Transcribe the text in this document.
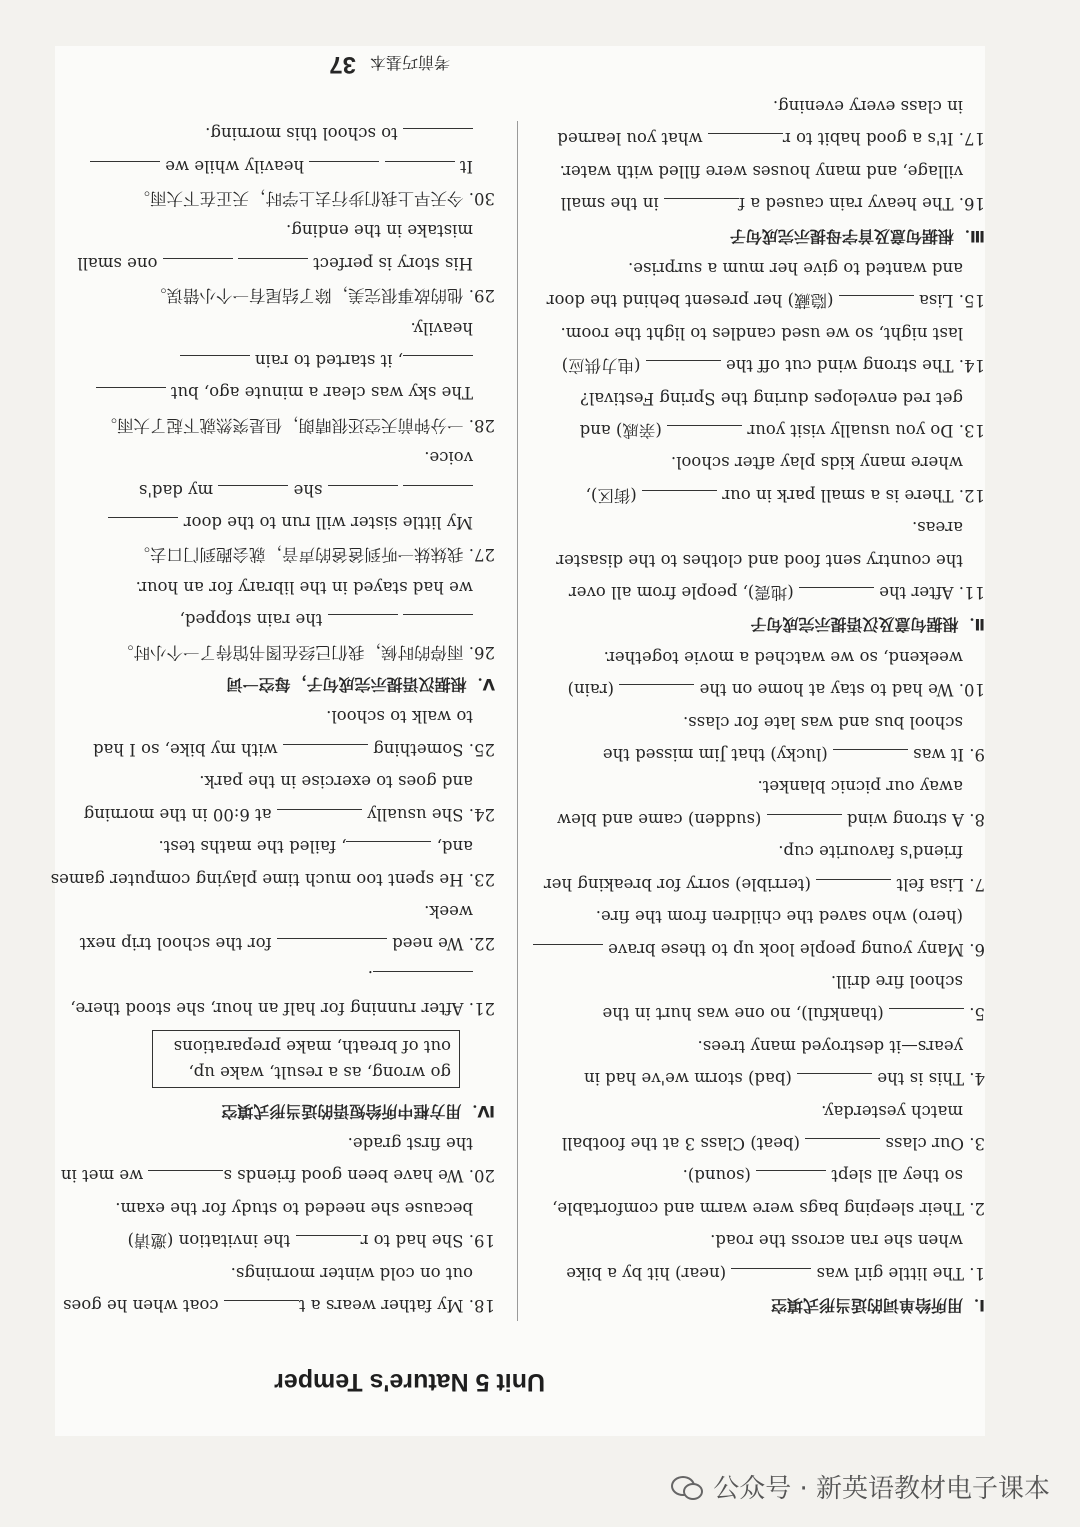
Unit 5 Nature's Temper
I．用所给单词的适当形式填空
1. The little girl was  (near) hit by a bike
when she ran across the road.
2. Their sleeping bags were warm and comfortable,
so they all slept  (sound).
3. Our class  (beat) Class 3 at the football
match yesterday.
4. This is the  (bad) storm we've had in
years—it destroyed many trees.
5.  (thankful), no one was hurt in the
school fire drill.
6. Many young people look up to these brave
(hero) who saved the children from the fire.
7. Lisa felt  (terrible) sorry for breaking her
friend's favourite cup.
8. A strong wind  (sudden) came and blew
away our picnic blanket.
9. It was  (lucky) that Jim missed the
school bus and was late for class.
10. We had to stay at home on the  (rain)
weekend, so we watched a movie together.
Ⅱ．根据句意及汉语提示完成句子
11. After the  (地震), people from all over
the country sent food and clothes to the disaster
areas.
12. There is a small park in our  (街区),
where many kids play after school.
13. Do you usually visit your  (亲戚) and
get red envelopes during the Spring Festival?
14. The strong wind cut off the  (电力供应)
last night, so we used candles to light the room.
15. Lisa  (隐藏) her present behind the door
and wanted to give her mum a surprise.
Ⅲ．根据句意及首字母提示完成句子
16. The heavy rain caused a f in the small
village, and many houses were filled with water.
17. It's a good habit to r what you learned
in class every evening.
18. My father wears a t coat when he goes
out on cold winter mornings.
19. She had to r the invitation (邀请)
because she needed to study for the exam.
20. We have been good friends s we met in
the first grade.
Ⅳ．用方框中所给短语的适当形式填空
go wrong, as a result, wake up,
out of breath, make preparations
21. After running for half an hour, she stood there,
.
22. We need  for the school trip next
week.
23. He spent too much time playing computer games
and, , failed the maths test.
24. She usually  at 6:00 in the morning
and goes to exercise in the park.
25. Something  with my bike, so I had
to walk to school.
Ⅴ．根据汉语提示完成句子，每空一词
26. 雨停的时候，我们已经在图书馆待了一个小时。
the rain stopped,
we had stayed in the library for an hour.
27. 我妹妹一听到爸爸的声音，就会跑到门口去。
My little sister will run to the door
she  my dad's
voice.
28. 一分钟前天空还很晴朗，但是突然就下起了大雨。
The sky was clear a minute ago, but
, it started to rain
heavily.
29. 他的故事很完美，除了结尾有一个小错误。
His story is perfect   one small
mistake in the ending.
30. 今天早上我们步行去上学时，天正在下大雨。
It   heavily while we
to school this morning.
考前巧基本37
公众号 · 新英语教材电子课本
